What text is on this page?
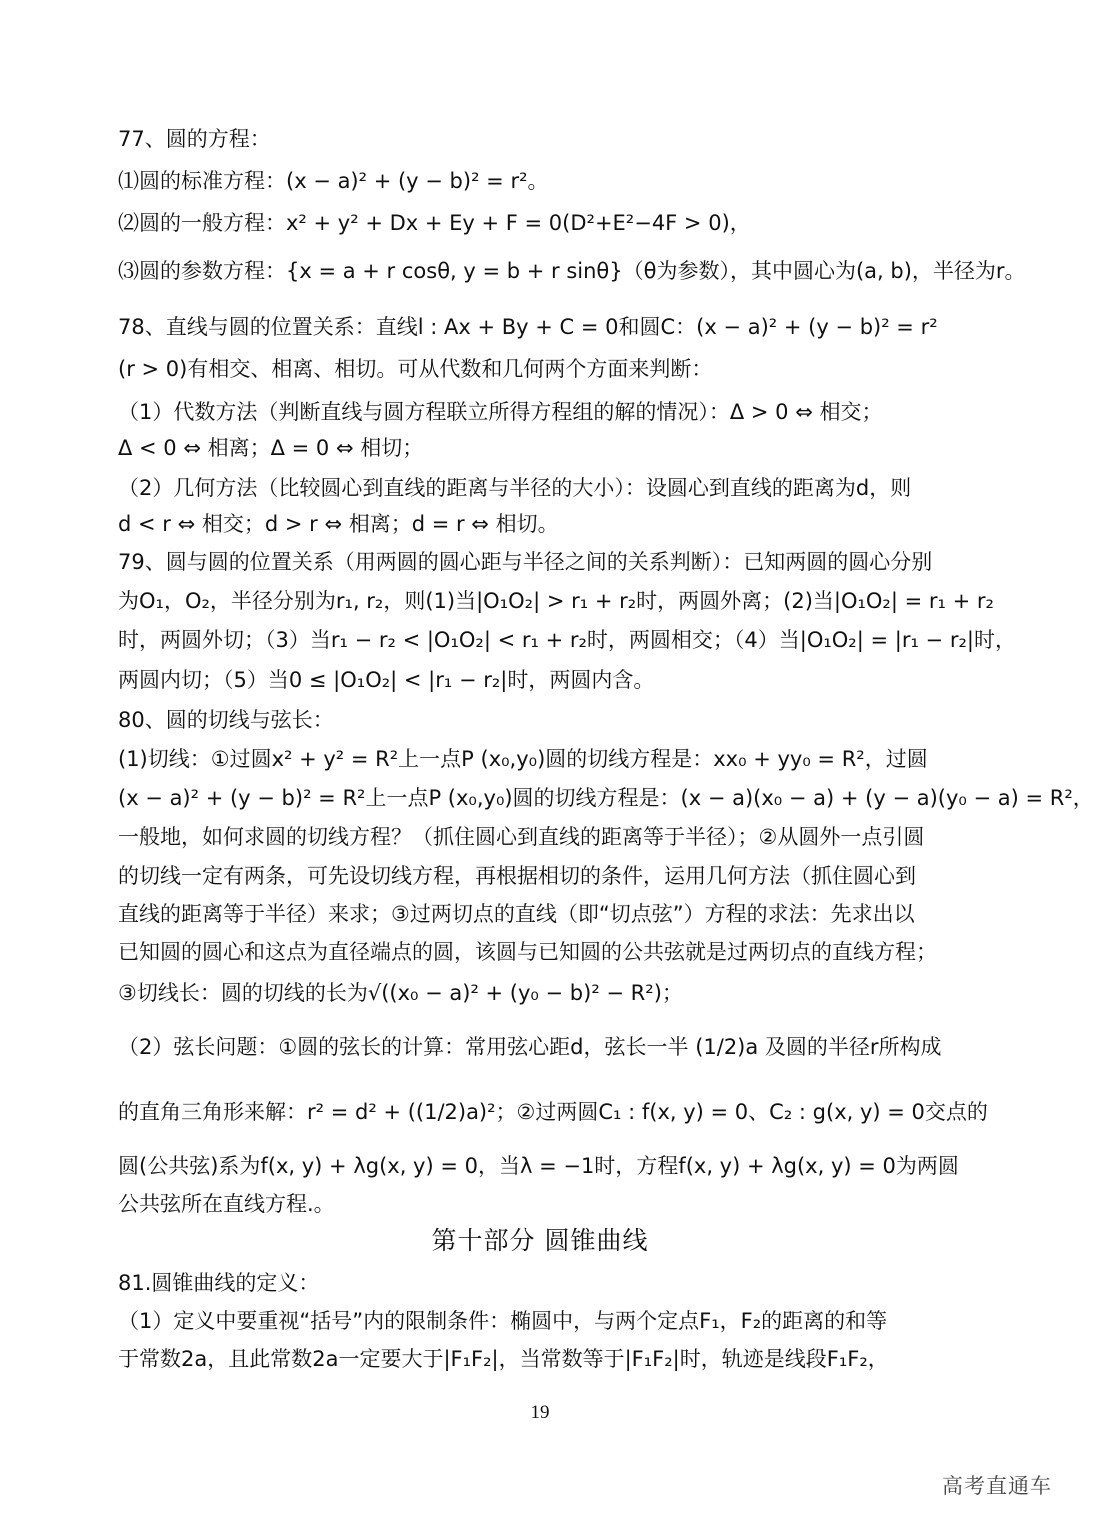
77、圆的方程：
⑴圆的标准方程：(x − a)² + (y − b)² = r²。
⑵圆的一般方程：x² + y² + Dx + Ey + F = 0(D²+E²−4F > 0)，
⑶圆的参数方程：{x = a + r cosθ, y = b + r sinθ}（θ为参数），其中圆心为(a, b)，半径为r。
78、直线与圆的位置关系：直线l : Ax + By + C = 0和圆C：(x − a)² + (y − b)² = r²
(r > 0)有相交、相离、相切。可从代数和几何两个方面来判断：
（1）代数方法（判断直线与圆方程联立所得方程组的解的情况）：Δ > 0 ⇔ 相交；
Δ < 0 ⇔ 相离；Δ = 0 ⇔ 相切；
（2）几何方法（比较圆心到直线的距离与半径的大小）：设圆心到直线的距离为d，则
d < r ⇔ 相交；d > r ⇔ 相离；d = r ⇔ 相切。
79、圆与圆的位置关系（用两圆的圆心距与半径之间的关系判断）：已知两圆的圆心分别
为O₁，O₂，半径分别为r₁, r₂，则(1)当|O₁O₂| > r₁ + r₂时，两圆外离；(2)当|O₁O₂| = r₁ + r₂
时，两圆外切；（3）当r₁ − r₂ < |O₁O₂| < r₁ + r₂时，两圆相交；（4）当|O₁O₂| = |r₁ − r₂|时，
两圆内切；（5）当0 ≤ |O₁O₂| < |r₁ − r₂|时，两圆内含。
80、圆的切线与弦长：
(1)切线：①过圆x² + y² = R²上一点P (x₀,y₀)圆的切线方程是：xx₀ + yy₀ = R²，过圆
(x − a)² + (y − b)² = R²上一点P (x₀,y₀)圆的切线方程是：(x − a)(x₀ − a) + (y − a)(y₀ − a) = R²，
一般地，如何求圆的切线方程？（抓住圆心到直线的距离等于半径）；②从圆外一点引圆
的切线一定有两条，可先设切线方程，再根据相切的条件，运用几何方法（抓住圆心到
直线的距离等于半径）来求；③过两切点的直线（即“切点弦”）方程的求法：先求出以
已知圆的圆心和这点为直径端点的圆，该圆与已知圆的公共弦就是过两切点的直线方程；
③切线长：圆的切线的长为√((x₀ − a)² + (y₀ − b)² − R²)；
（2）弦长问题：①圆的弦长的计算：常用弦心距d，弦长一半 (1/2)a 及圆的半径r所构成
的直角三角形来解：r² = d² + ((1/2)a)²；②过两圆C₁ : f(x, y) = 0、C₂ : g(x, y) = 0交点的
圆(公共弦)系为f(x, y) + λg(x, y) = 0，当λ = −1时，方程f(x, y) + λg(x, y) = 0为两圆
公共弦所在直线方程.。
第十部分 圆锥曲线
81.圆锥曲线的定义：
（1）定义中要重视“括号”内的限制条件：椭圆中，与两个定点F₁，F₂的距离的和等
于常数2a，且此常数2a一定要大于|F₁F₂|，当常数等于|F₁F₂|时，轨迹是线段F₁F₂，
19
高考直通车
